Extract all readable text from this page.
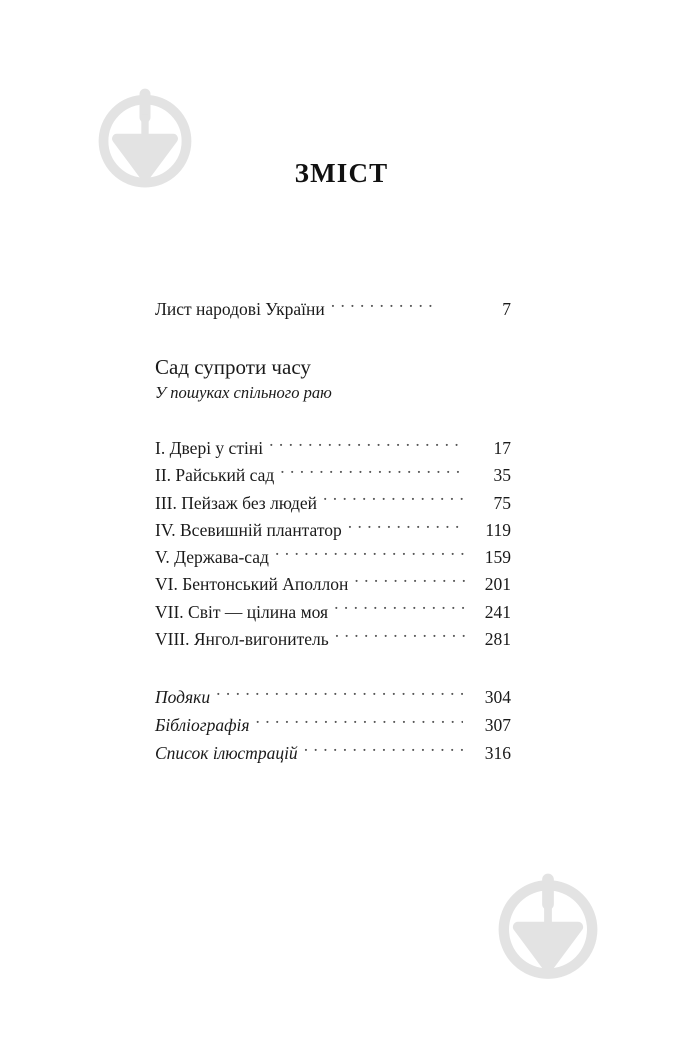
ЗМІСТ
Лист народові України . . .	7
Сад супроти часу
У пошуках спільного раю
I. Двері у стіні . . .	17
II. Райський сад . . .	35
III. Пейзаж без людей . . .	75
IV. Всевишній плантатор . . .	119
V. Держава-сад . . .	159
VI. Бентонський Аполлон . . .	201
VII. Світ — цілина моя . . .	241
VIII. Янгол-вигонитель . . .	281
Подяки . . .	304
Бібліографія . . .	307
Список ілюстрацій . . .	316
